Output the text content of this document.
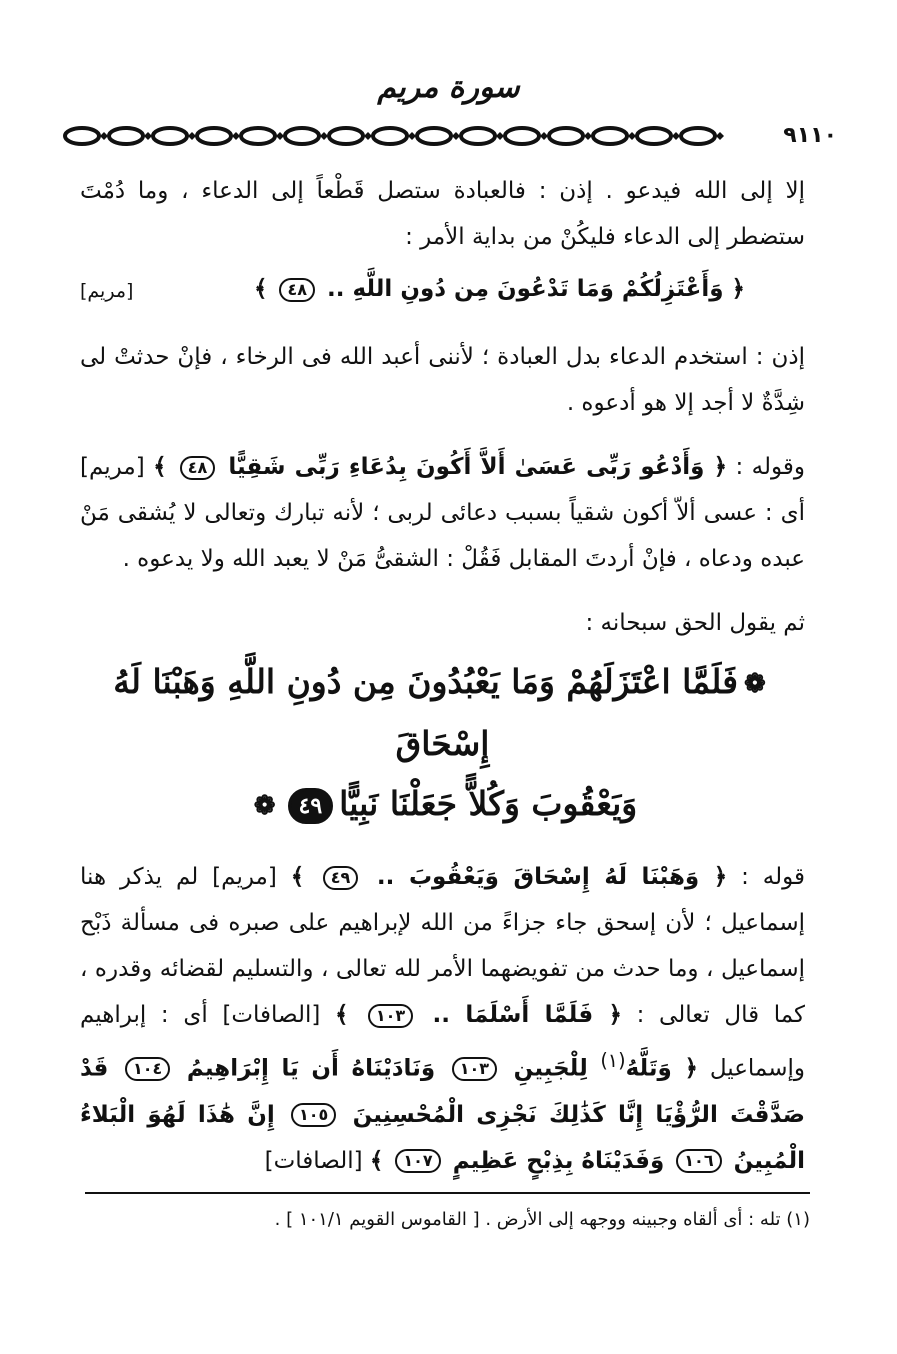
سورة مريم
٩١١٠

إلا إلى الله فيدعو . إذن : فالعبادة ستصل قَطْعاً إلى الدعاء ، وما دُمْتَ ستضطر إلى الدعاء فليكُنْ من بداية الأمر :

﴿ وَأَعْتَزِلُكُمْ وَمَا تَدْعُونَ مِن دُونِ اللَّهِ .. ٤٨ ﴾
[مريم]

إذن : استخدم الدعاء بدل العبادة ؛ لأننى أعبد الله فى الرخاء ، فإنْ حدثتْ لى شِدَّةٌ لا أجد إلا هو أدعوه .

وقوله : ﴿ وَأَدْعُو رَبِّى عَسَىٰ أَلاَّ أَكُونَ بِدُعَاءِ رَبِّى شَقِيًّا ٤٨ ﴾ [مريم] أى : عسى ألاّ أكون شقياً بسبب دعائى لربى ؛ لأنه تبارك وتعالى لا يُشقى مَنْ عبده ودعاه ، فإنْ أردتَ المقابل فَقُلْ : الشقىُّ مَنْ لا يعبد الله ولا يدعوه .

ثم يقول الحق سبحانه :

❁فَلَمَّا اعْتَزَلَهُمْ وَمَا يَعْبُدُونَ مِن دُونِ اللَّهِ وَهَبْنَا لَهُ إِسْحَاقَ
وَيَعْقُوبَ وَكُلاًّ جَعَلْنَا نَبِيًّا٤٩❁

قوله : ﴿ وَهَبْنَا لَهُ إِسْحَاقَ وَيَعْقُوبَ .. ٤٩ ﴾ [مريم] لم يذكر هنا إسماعيل ؛ لأن إسحق جاء جزاءً من الله لإبراهيم على صبره فى مسألة ذَبْح إسماعيل ، وما حدث من تفويضهما الأمر لله تعالى ، والتسليم لقضائه وقدره ، كما قال تعالى : ﴿ فَلَمَّا أَسْلَمَا .. ١٠٣ ﴾ [الصافات] أى : إبراهيم وإسماعيل ﴿ وَتَلَّهُ$^{(١)}$ لِلْجَبِينِ ١٠٣ وَنَادَيْنَاهُ أَن يَا إِبْرَاهِيمُ ١٠٤ قَدْ صَدَّقْتَ الرُّؤْيَا إِنَّا كَذَٰلِكَ نَجْزِى الْمُحْسِنِينَ ١٠٥ إِنَّ هَٰذَا لَهُوَ الْبَلاءُ الْمُبِينُ ١٠٦ وَفَدَيْنَاهُ بِذِبْحٍ عَظِيمٍ ١٠٧ ﴾ [الصافات]

(١) تله : أى ألقاه وجبينه ووجهه إلى الأرض . [ القاموس القويم ١٠١/١ ] .
